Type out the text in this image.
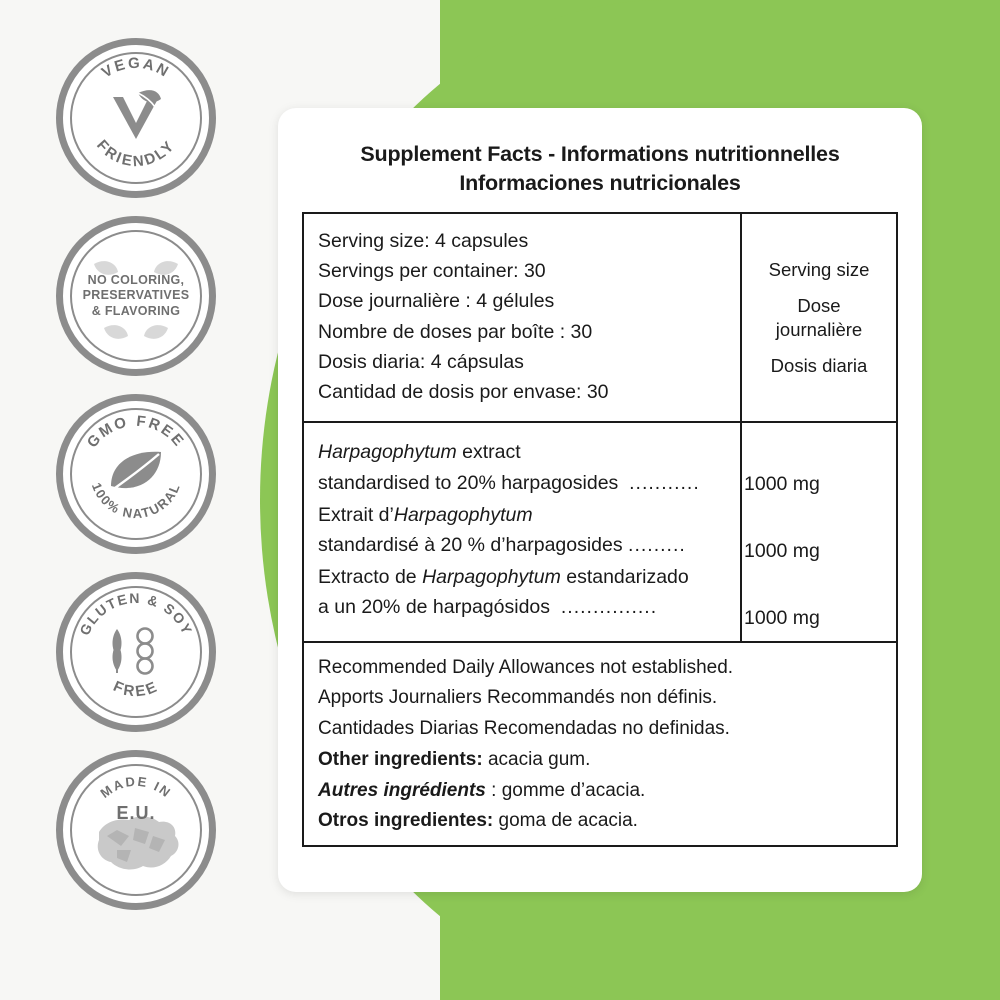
VEGAN
FRIENDLY
NO COLORING,
PRESERVATIVES
& FLAVORING
GMO FREE
100% NATURAL
GLUTEN & SOY
FREE
MADE IN
E.U.
Supplement Facts - Informations nutritionnelles
Informaciones nutricionales
Serving size: 4 capsules
Servings per container: 30
Dose journalière : 4 gélules
Nombre de doses par boîte : 30
Dosis diaria: 4 cápsulas
Cantidad de dosis por envase: 30
Serving size
Dose journalière
Dosis diaria
Harpagophytum extract
standardised to 20% harpagosides ...........
Extrait d’Harpagophytum
standardisé à 20 % d’harpagosides .........
Extracto de Harpagophytum estandarizado
a un 20% de harpagósidos ...............
1000 mg
1000 mg
1000 mg
Recommended Daily Allowances not established.
Apports Journaliers Recommandés non définis.
Cantidades Diarias Recomendadas no definidas.
Other ingredients: acacia gum.
Autres ingrédients : gomme d’acacia.
Otros ingredientes: goma de acacia.
